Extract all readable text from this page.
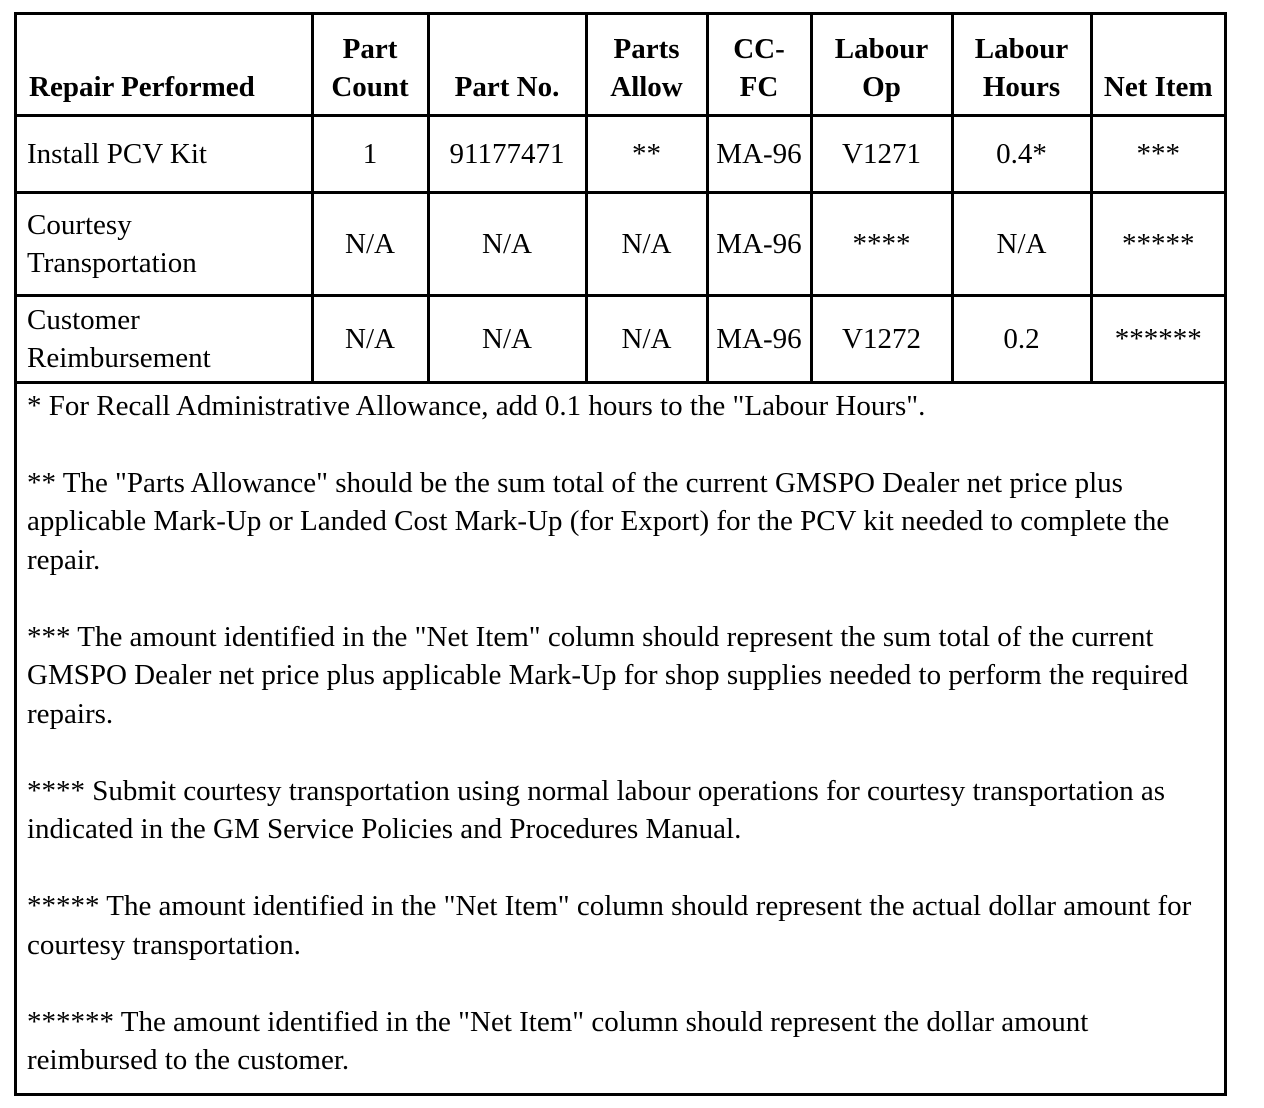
Repair Performed	Part Count	Part No.	Parts Allow	CC-FC	Labour Op	Labour Hours	Net Item
Install PCV Kit	1	91177471	**	MA-96	V1271	0.4*	***
Courtesy Transportation	N/A	N/A	N/A	MA-96	****	N/A	*****
Customer Reimbursement	N/A	N/A	N/A	MA-96	V1272	0.2	******

* For Recall Administrative Allowance, add 0.1 hours to the "Labour Hours".

** The "Parts Allowance" should be the sum total of the current GMSPO Dealer net price plus applicable Mark-Up or Landed Cost Mark-Up (for Export) for the PCV kit needed to complete the repair.

*** The amount identified in the "Net Item" column should represent the sum total of the current GMSPO Dealer net price plus applicable Mark-Up for shop supplies needed to perform the required repairs.

**** Submit courtesy transportation using normal labour operations for courtesy transportation as indicated in the GM Service Policies and Procedures Manual.

***** The amount identified in the "Net Item" column should represent the actual dollar amount for courtesy transportation.

****** The amount identified in the "Net Item" column should represent the dollar amount reimbursed to the customer.
